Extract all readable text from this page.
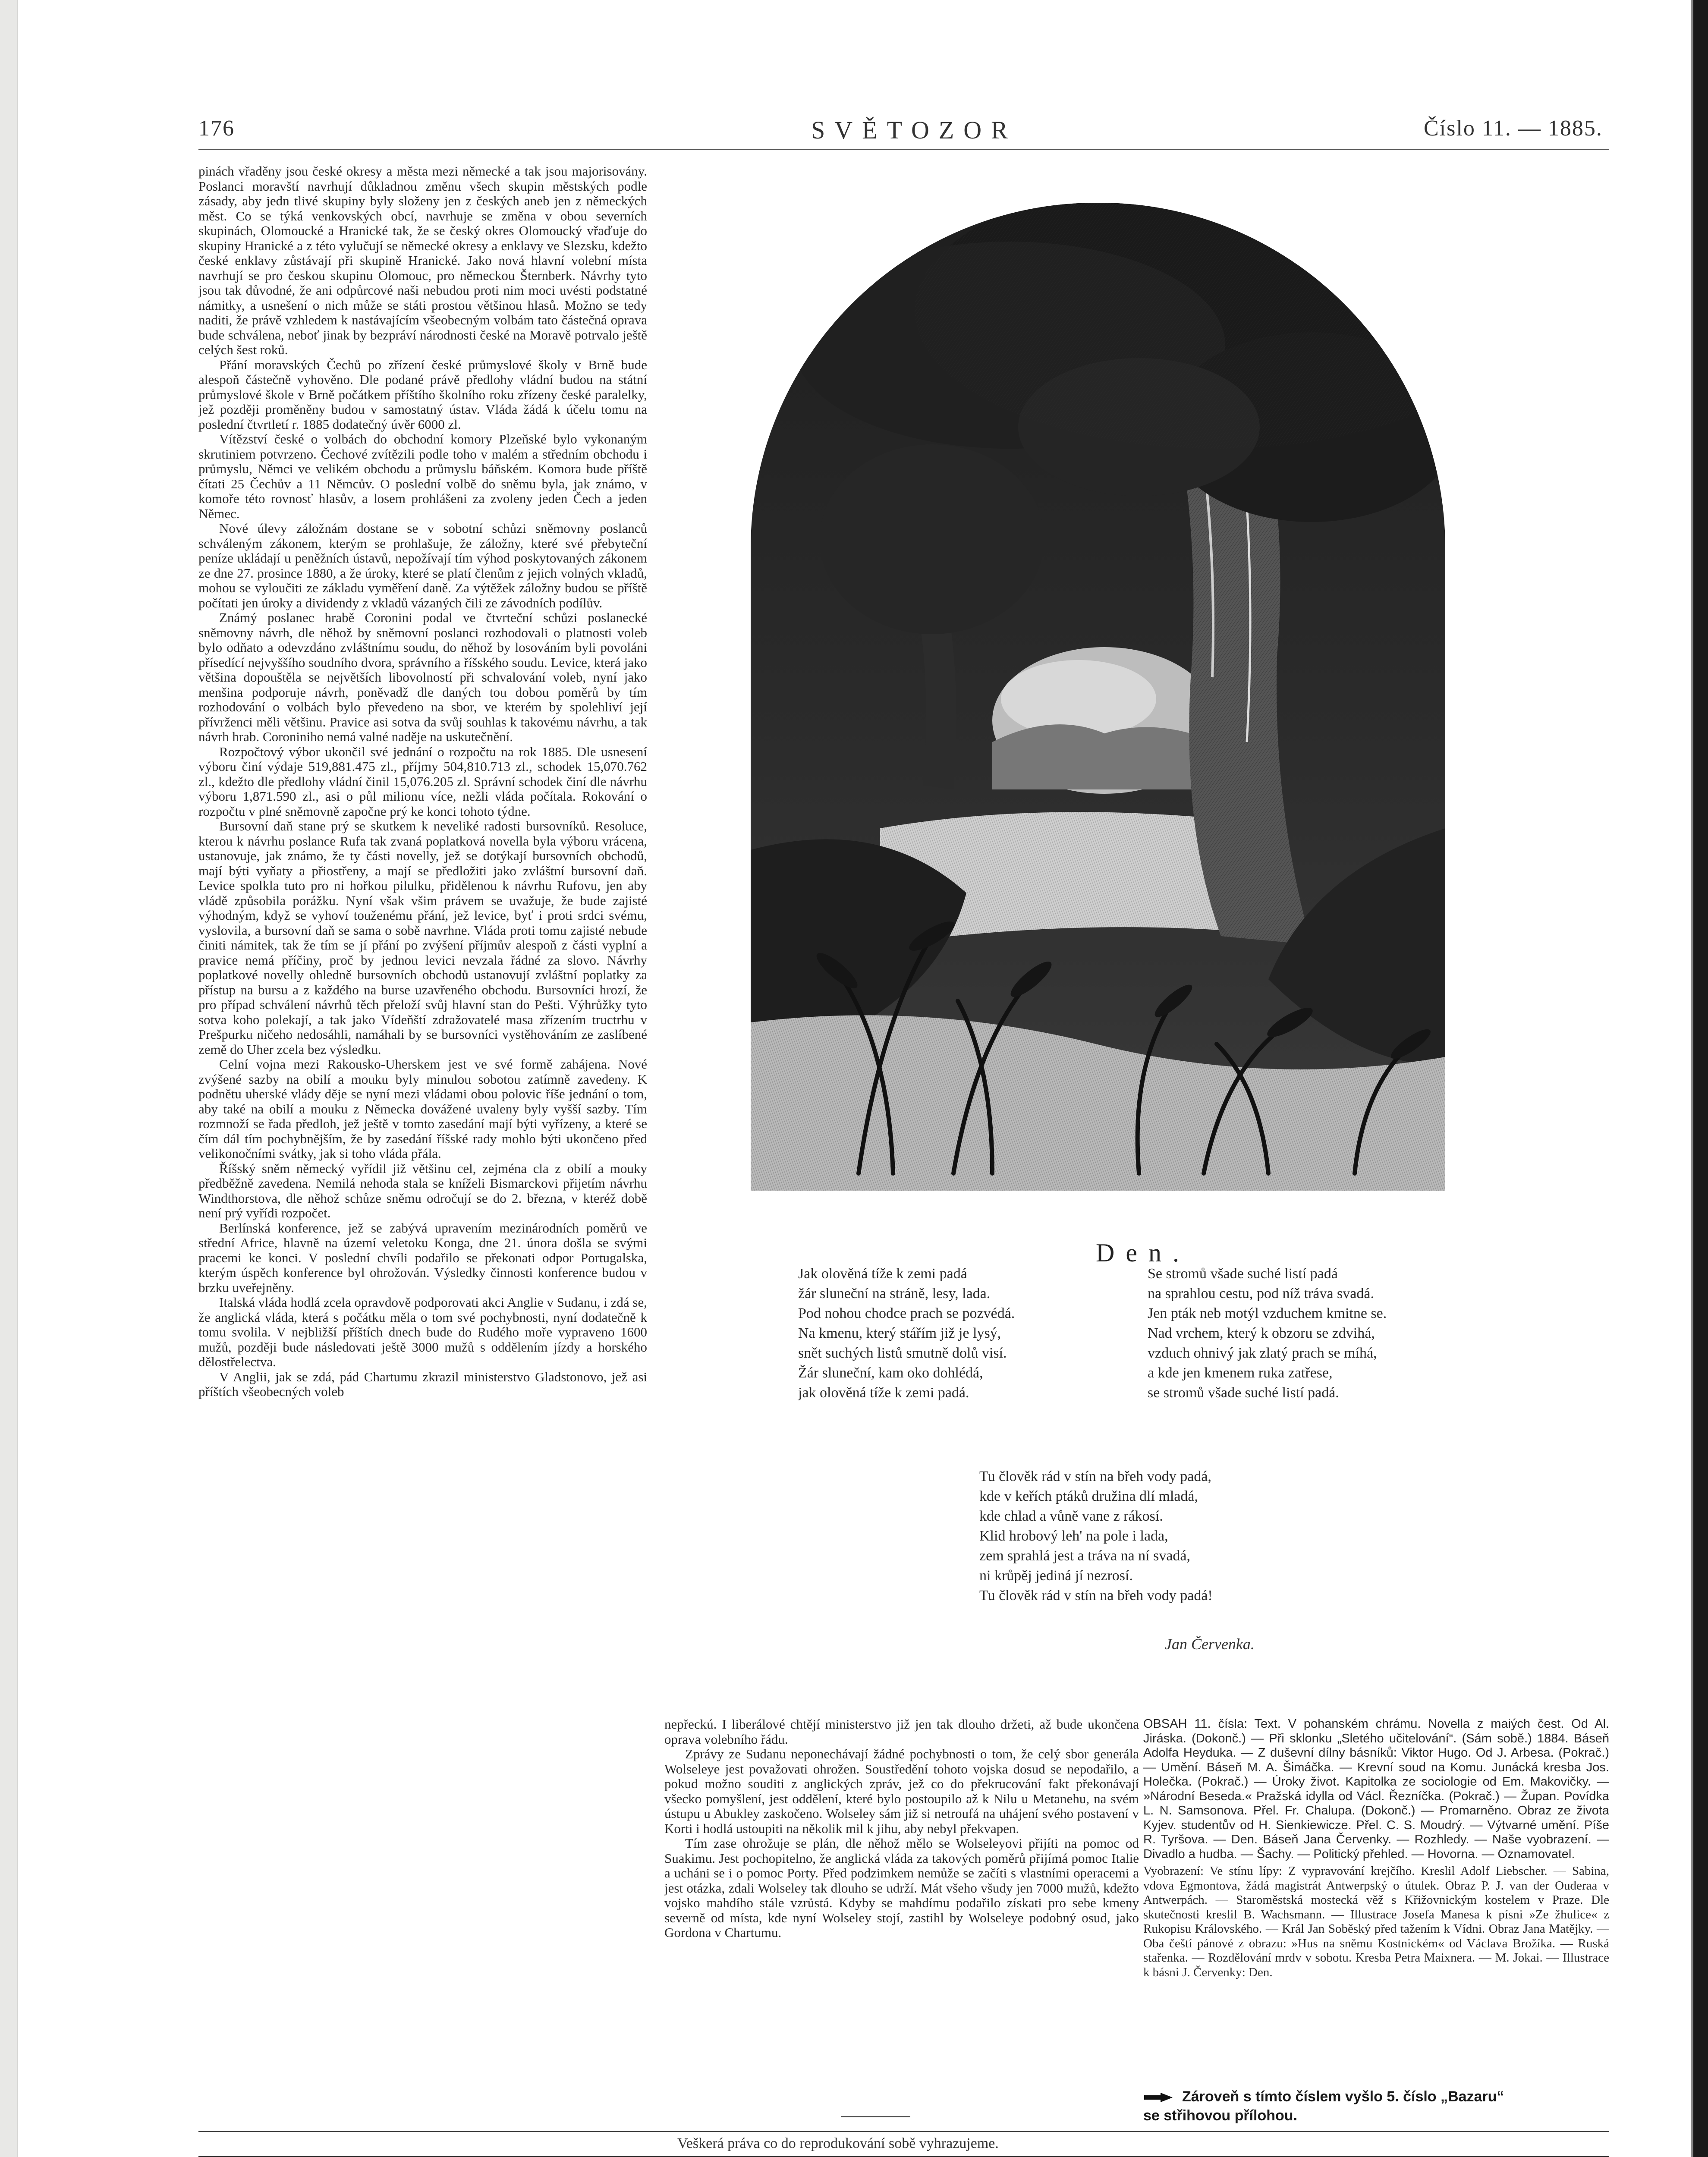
176	SVĚTOZOR	Číslo 11. — 1885.

pinách vřaděny jsou české okresy a města mezi německé a tak jsou majorisovány. Poslanci moravští navrhují důkladnou změnu všech skupin městských podle zásady, aby jedn tlivé skupiny byly složeny jen z českých aneb jen z německých měst. Co se týká venkovských obcí, navrhuje se změna v obou severních skupinách, Olomoucké a Hranické tak, že se český okres Olomoucký vřaďuje do skupiny Hranické a z této vylučují se německé okresy a enklavy ve Slezsku, kdežto české enklavy zůstávají při skupině Hranické. Jako nová hlavní volební místa navrhují se pro českou skupinu Olomouc, pro německou Šternberk. Návrhy tyto jsou tak důvodné, že ani odpůrcové naši nebudou proti nim moci uvésti podstatné námitky, a usnešení o nich může se státi prostou většinou hlasů. Možno se tedy naditi, že právě vzhledem k nastávajícím všeobecným volbám tato částečná oprava bude schválena, neboť jinak by bezpráví národnosti české na Moravě potrvalo ještě celých šest roků.

Přání moravských Čechů po zřízení české průmyslové školy v Brně bude alespoň částečně vyhověno. Dle podané právě předlohy vládní budou na státní průmyslové škole v Brně počátkem příštího školního roku zřízeny české paralelky, jež později proměněny budou v samostatný ústav. Vláda žádá k účelu tomu na poslední čtvrtletí r. 1885 dodatečný úvěr 6000 zl.

Vítězství české o volbách do obchodní komory Plzeňské bylo vykonaným skrutiniem potvrzeno. Čechové zvítězili podle toho v malém a středním obchodu i průmyslu, Němci ve velikém obchodu a průmyslu báňském. Komora bude příště čítati 25 Čechův a 11 Němcův. O poslední volbě do sněmu byla, jak známo, v komoře této rovnosť hlasův, a losem prohlášeni za zvoleny jeden Čech a jeden Němec.

Nové úlevy záložnám dostane se v sobotní schůzi sněmovny poslanců schváleným zákonem, kterým se prohlašuje, že záložny, které své přebyteční peníze ukládají u peněžních ústavů, nepožívají tím výhod poskytovaných zákonem ze dne 27. prosince 1880, a že úroky, které se platí členům z jejich volných vkladů, mohou se vyloučiti ze základu vyměření daně. Za výtěžek záložny budou se příště počítati jen úroky a dividendy z vkladů vázaných čili ze závodních podílův.

Známý poslanec hrabě Coronini podal ve čtvrteční schůzi poslanecké sněmovny návrh, dle něhož by sněmovní poslanci rozhodovali o platnosti voleb bylo odňato a odevzdáno zvláštnímu soudu, do něhož by losováním byli povoláni přísedící nejvyššího soudního dvora, správního a říšského soudu. Levice, která jako většina dopouštěla se největších libovolností při schvalování voleb, nyní jako menšina podporuje návrh, poněvadž dle daných tou dobou poměrů by tím rozhodování o volbách bylo převedeno na sbor, ve kterém by spolehliví její přívrženci měli většinu. Pravice asi sotva da svůj souhlas k takovému návrhu, a tak návrh hrab. Coroniniho nemá valné naděje na uskutečnění.

Rozpočtový výbor ukončil své jednání o rozpočtu na rok 1885. Dle usnesení výboru činí výdaje 519,881.475 zl., příjmy 504,810.713 zl., schodek 15,070.762 zl., kdežto dle předlohy vládní činil 15,076.205 zl. Správní schodek činí dle návrhu výboru 1,871.590 zl., asi o půl milionu více, nežli vláda počítala. Rokování o rozpočtu v plné sněmovně započne prý ke konci tohoto týdne.

Bursovní daň stane prý se skutkem k neveliké radosti bursovníků. Resoluce, kterou k návrhu poslance Rufa tak zvaná poplatková novella byla výboru vrácena, ustanovuje, jak známo, že ty části novelly, jež se dotýkají bursovních obchodů, mají býti vyňaty a přiostřeny, a mají se předložiti jako zvláštní bursovní daň. Levice spolkla tuto pro ni hořkou pilulku, přidělenou k návrhu Rufovu, jen aby vládě způsobila porážku. Nyní však všim právem se uvažuje, že bude zajisté výhodným, když se vyhoví touženému přání, jež levice, byť i proti srdci svému, vyslovila, a bursovní daň se sama o sobě navrhne. Vláda proti tomu zajisté nebude činiti námitek, tak že tím se jí přání po zvýšení příjmův alespoň z části vyplní a pravice nemá příčiny, proč by jednou levici nevzala řádné za slovo. Návrhy poplatkové novelly ohledně bursovních obchodů ustanovují zvláštní poplatky za přístup na bursu a z každého na burse uzavřeného obchodu. Bursovníci hrozí, že pro případ schválení návrhů těch přeloží svůj hlavní stan do Pešti. Výhrůžky tyto sotva koho polekají, a tak jako Vídeňští zdražovatelé masa zřízením tructrhu v Prešpurku ničeho nedosáhli, namáhali by se bursovníci vystěhováním ze zaslíbené země do Uher zcela bez výsledku.

Celní vojna mezi Rakousko-Uherskem jest ve své formě zahájena. Nové zvýšené sazby na obilí a mouku byly minulou sobotou zatímně zavedeny. K podnětu uherské vlády děje se nyní mezi vládami obou polovic říše jednání o tom, aby také na obilí a mouku z Německa dovážené uvaleny byly vyšší sazby. Tím rozmnoží se řada předloh, jež ještě v tomto zasedání mají býti vyřízeny, a které se čím dál tím pochybnějším, že by zasedání říšské rady mohlo býti ukončeno před velikonočními svátky, jak si toho vláda přála.

Říšský sněm německý vyřídil již většinu cel, zejména cla z obilí a mouky předběžně zavedena. Nemilá nehoda stala se kníželi Bismarckovi přijetím návrhu Windthorstova, dle něhož schůze sněmu odročují se do 2. března, v kteréž době není prý vyřídi rozpočet.

Berlínská konference, jež se zabývá upravením mezinárodních poměrů ve střední Africe, hlavně na území veletoku Konga, dne 21. února došla se svými pracemi ke konci. V poslední chvíli podařilo se překonati odpor Portugalska, kterým úspěch konference byl ohrožován. Výsledky činnosti konference budou v brzku uveřejněny.

Italská vláda hodlá zcela opravdově podporovati akci Anglie v Sudanu, i zdá se, že anglická vláda, která s počátku měla o tom své pochybnosti, nyní dodatečně k tomu svolila. V nejbližší příštích dnech bude do Rudého moře vypraveno 1600 mužů, později bude následovati ještě 3000 mužů s oddělením jízdy a horského dělostřelectva.

V Anglii, jak se zdá, pád Chartumu zkrazil ministerstvo Gladstonovo, jež asi příštích všeobecných voleb

Den.
Jak olověná tíže k zemi padá
žár sluneční na stráně, lesy, lada.
Pod nohou chodce prach se pozvédá.
Na kmenu, který stářím již je lysý,
snět suchých listů smutně dolů visí.
Žár sluneční, kam oko dohlédá,
jak olověná tíže k zemi padá.
Se stromů všade suché listí padá
na sprahlou cestu, pod níž tráva svadá.
Jen pták neb motýl vzduchem kmitne se.
Nad vrchem, který k obzoru se zdvihá,
vzduch ohnivý jak zlatý prach se míhá,
a kde jen kmenem ruka zatřese,
se stromů všade suché listí padá.
Tu člověk rád v stín na břeh vody padá,
kde v keřích ptáků družina dlí mladá,
kde chlad a vůně vane z rákosí.
Klid hrobový leh' na pole i lada,
zem sprahlá jest a tráva na ní svadá,
ni krůpěj jediná jí nezrosí.
Tu člověk rád v stín na břeh vody padá!
Jan Červenka.

nepřeckú. I liberálové chtějí ministerstvo již jen tak dlouho držeti, až bude ukončena oprava volebního řádu.

Zprávy ze Sudanu neponechávají žádné pochybnosti o tom, že celý sbor generála Wolseleye jest považovati ohrožen. Soustředění tohoto vojska dosud se nepodařilo, a pokud možno souditi z anglických zpráv, jež co do překrucování fakt překonávají všecko pomyšlení, jest oddělení, které bylo postoupilo až k Nilu u Metanehu, na svém ústupu u Abukley zaskočeno. Wolseley sám již si netroufá na uhájení svého postavení v Korti i hodlá ustoupiti na několik mil k jihu, aby nebyl překvapen.

Tím zase ohrožuje se plán, dle něhož mělo se Wolseleyovi přijíti na pomoc od Suakimu. Jest pochopitelno, že anglická vláda za takových poměrů přijímá pomoc Italie a ucháni se i o pomoc Porty. Před podzimkem nemůže se začíti s vlastními operacemi a jest otázka, zdali Wolseley tak dlouho se udrží. Mát všeho všudy jen 7000 mužů, kdežto vojsko mahdího stále vzrůstá. Kdyby se mahdímu podařilo získati pro sebe kmeny severně od místa, kde nyní Wolseley stojí, zastihl by Wolseleye podobný osud, jako Gordona v Chartumu.

OBSAH 11. čísla: Text. V pohanském chrámu. Novella z maiých čest. Od Al. Jiráska. (Dokonč.) — Při sklonku „Sletého učitelování“. (Sám sobě.) 1884. Báseň Adolfa Heyduka. — Z duševní dílny básníků: Viktor Hugo. Od J. Arbesa. (Pokrač.) — Umění. Báseň M. A. Šimáčka. — Krevní soud na Komu. Junácká kresba Jos. Holečka. (Pokrač.) — Úroky život. Kapitolka ze sociologie od Em. Makovičky. — »Národní Beseda.« Pražská idylla od Václ. Řezníčka. (Pokrač.) — Župan. Povídka L. N. Samsonova. Přel. Fr. Chalupa. (Dokonč.) — Promarněno. Obraz ze života Kyjev. studentův od H. Sienkiewicze. Přel. C. S. Moudrý. — Výtvarné umění. Píše R. Tyršova. — Den. Báseň Jana Červenky. — Rozhledy. — Naše vyobrazení. — Divadlo a hudba. — Šachy. — Politický přehled. — Hovorna. — Oznamovatel.

Vyobrazení: Ve stínu lípy: Z vypravování krejčího. Kreslil Adolf Liebscher. — Sabina, vdova Egmontova, žádá magistrát Antwerpský o útulek. Obraz P. J. van der Ouderaa v Antwerpách. — Staroměstská mostecká věž s Křižovnickým kostelem v Praze. Dle skutečnosti kreslil B. Wachsmann. — Illustrace Josefa Manesa k písni »Ze žhulice« z Rukopisu Královského. — Král Jan Soběský před tažením k Vídni. Obraz Jana Matějky. — Oba čeští pánové z obrazu: »Hus na sněmu Kostnickém« od Václava Brožíka. — Ruská stařenka. — Rozdělování mrdv v sobotu. Kresba Petra Maixnera. — M. Jokai. — Illustrace k básni J. Červenky: Den.

Zároveň s tímto číslem vyšlo 5. číslo „Bazaru“
se střihovou přílohou.
Veškerá práva co do reprodukování sobě vyhrazujeme.
